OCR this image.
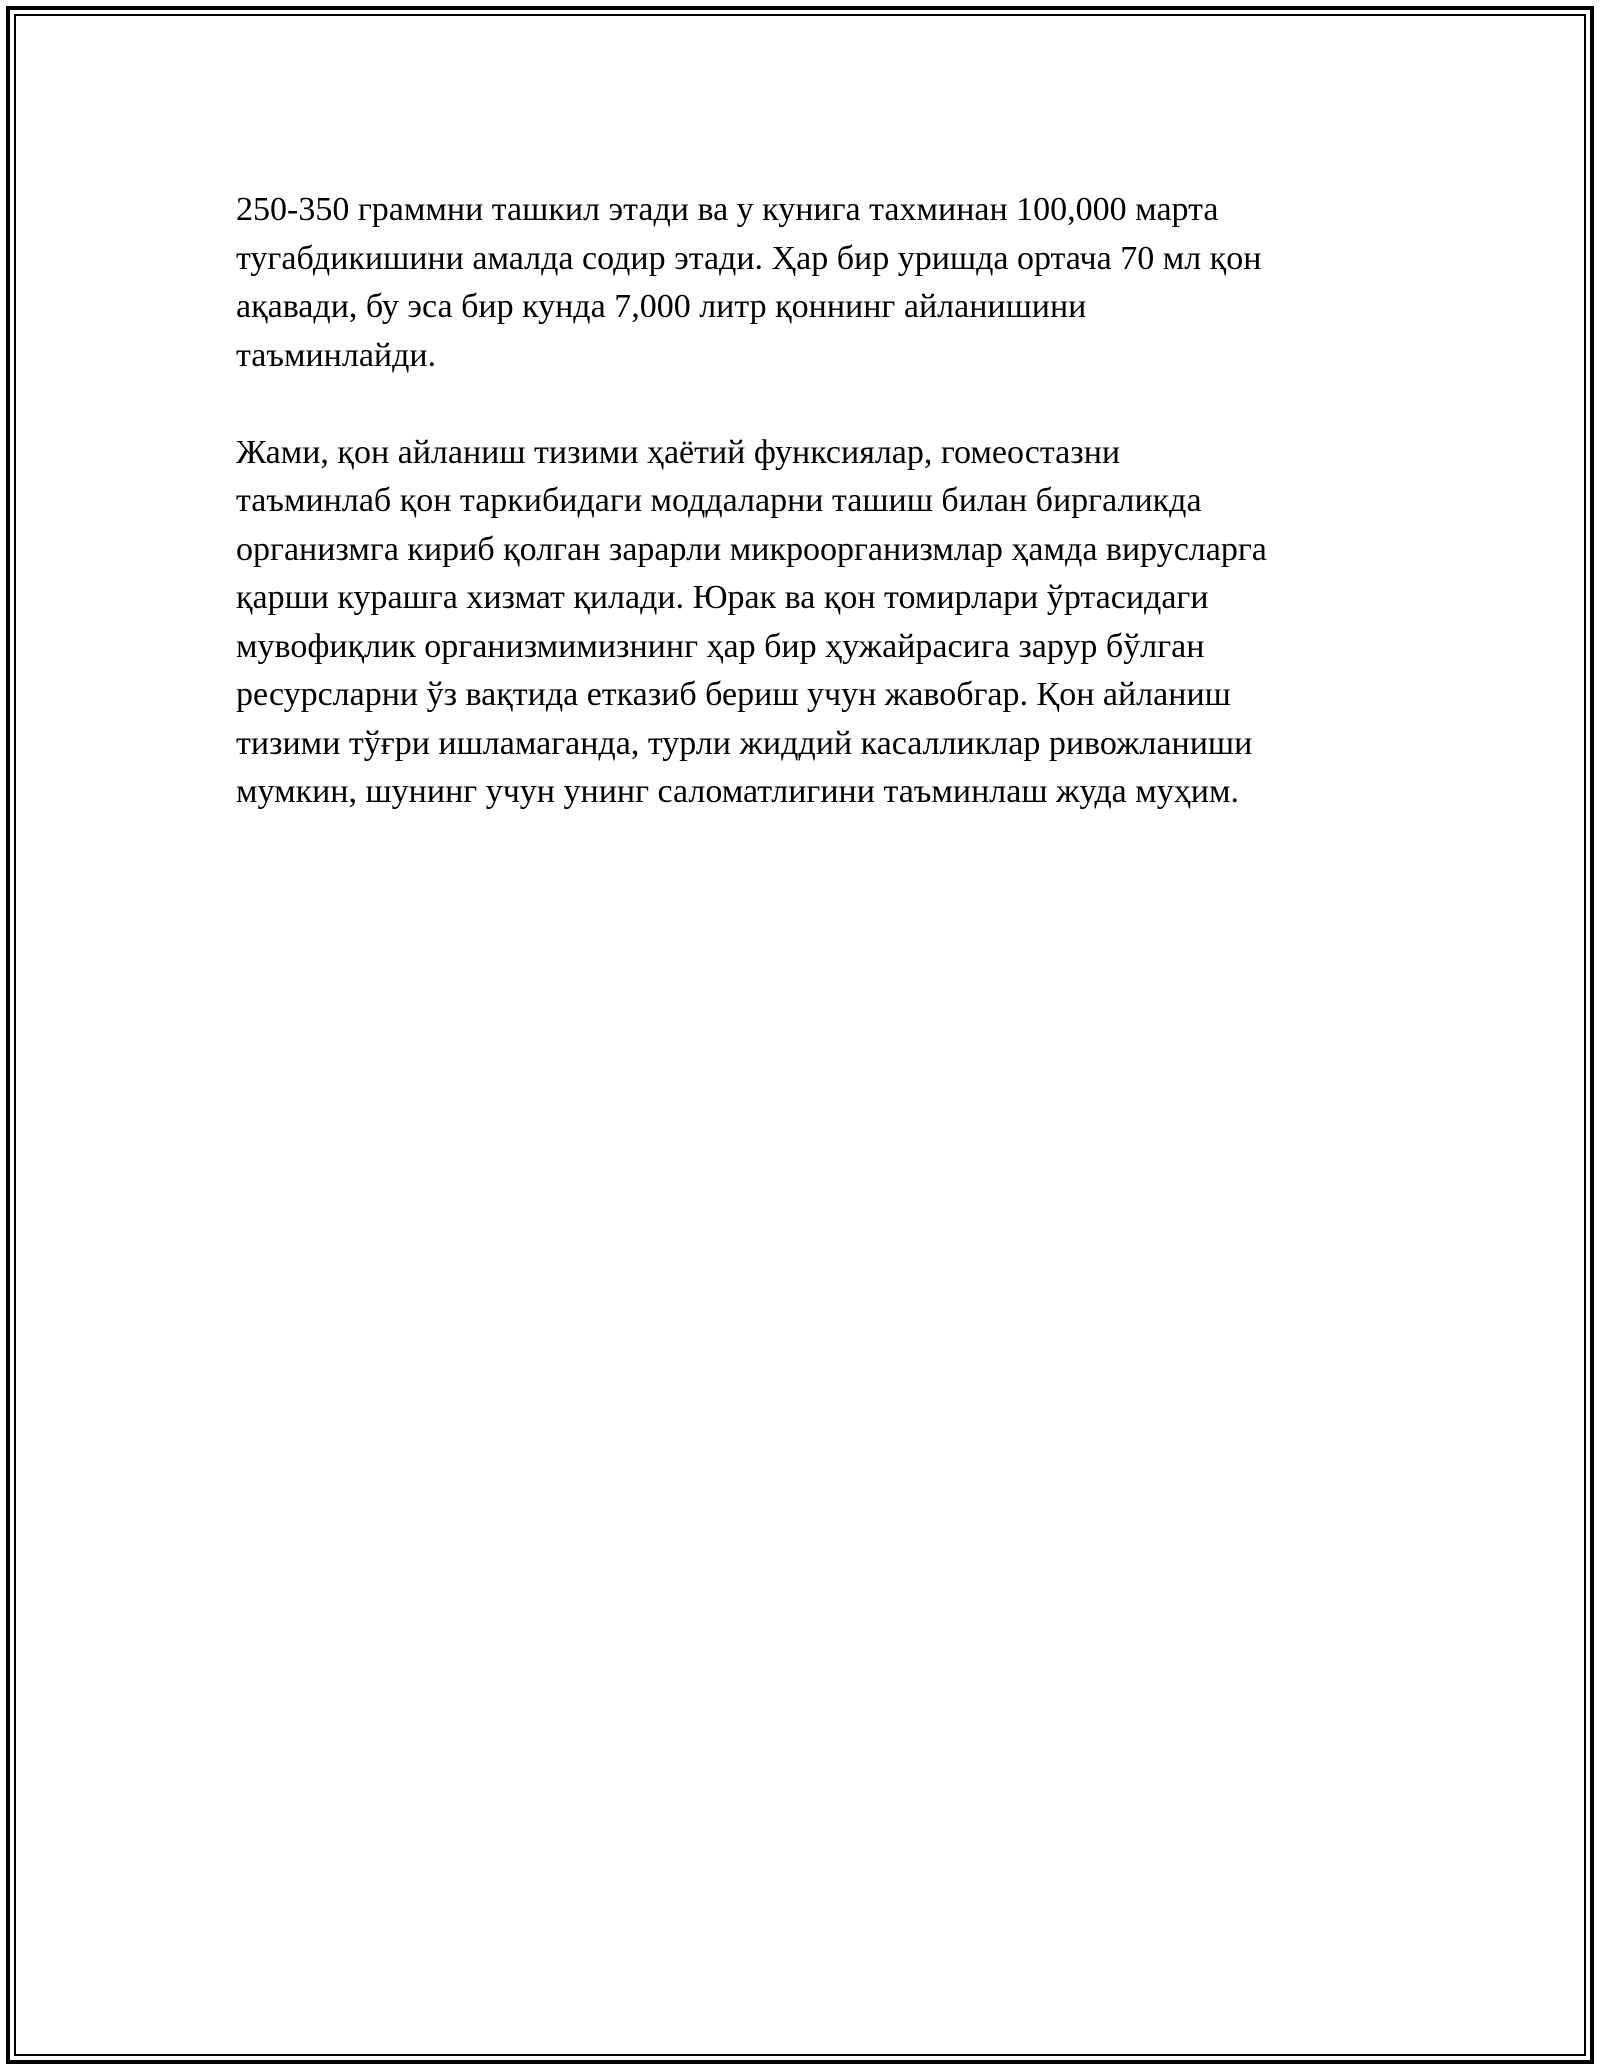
250-350 граммни ташкил этади ва у кунига тахминан 100,000 марта
тугабдикишини амалда содир этади. Ҳар бир уришда ортача 70 мл қон
ақавади, бу эса бир кунда 7,000 литр қоннинг айланишини
таъминлайди.
Жами, қон айланиш тизими ҳаётий функсиялар, гомеостазни
таъминлаб қон таркибидаги моддаларни ташиш билан биргаликда
организмга кириб қолган зарарли микроорганизмлар ҳамда вирусларга
қарши курашга хизмат қилади. Юрак ва қон томирлари ўртасидаги
мувофиқлик организмимизнинг ҳар бир ҳужайрасига зарур бўлган
ресурсларни ўз вақтида етказиб бериш учун жавобгар. Қон айланиш
тизими тўғри ишламаганда, турли жиддий касалликлар ривожланиши
мумкин, шунинг учун унинг саломатлигини таъминлаш жуда муҳим.
